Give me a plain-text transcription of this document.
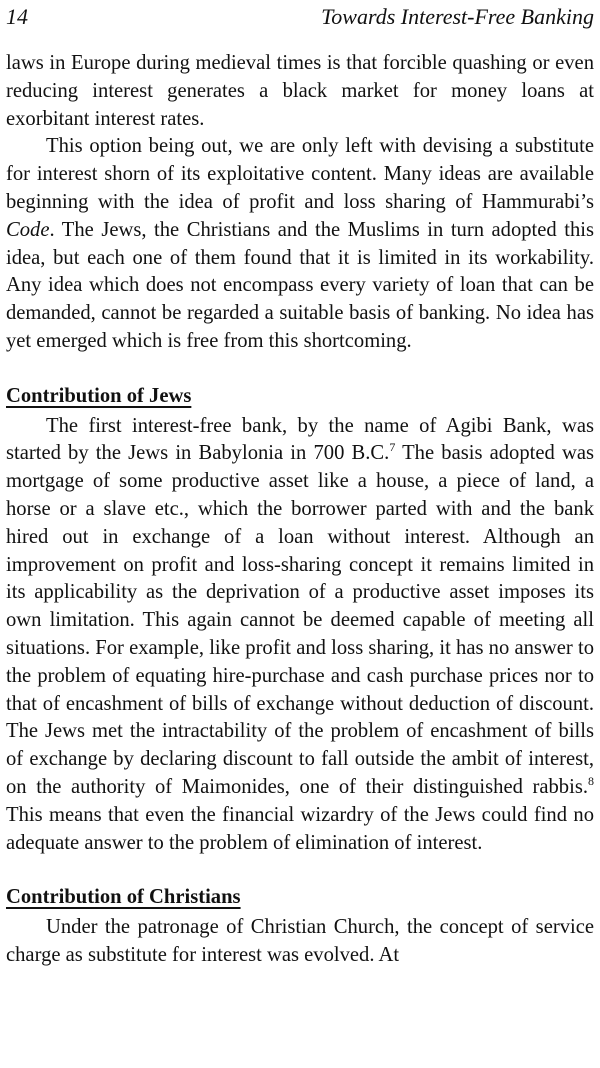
14	Towards Interest-Free Banking

laws in Europe during medieval times is that forcible quashing or even reducing interest generates a black market for money loans at exorbitant interest rates.

This option being out, we are only left with devising a substitute for interest shorn of its exploitative content. Many ideas are available beginning with the idea of profit and loss sharing of Hammurabi’s Code. The Jews, the Christians and the Muslims in turn adopted this idea, but each one of them found that it is limited in its workability. Any idea which does not encompass every variety of loan that can be demanded, cannot be regarded a suitable basis of banking. No idea has yet emerged which is free from this shortcoming.

Contribution of Jews

The first interest-free bank, by the name of Agibi Bank, was started by the Jews in Babylonia in 700 B.C.$^7$ The basis adopted was mortgage of some productive asset like a house, a piece of land, a horse or a slave etc., which the borrower parted with and the bank hired out in exchange of a loan without interest. Although an improvement on profit and loss-sharing concept it remains limited in its applicability as the deprivation of a productive asset imposes its own limitation. This again cannot be deemed capable of meeting all situations. For example, like profit and loss sharing, it has no answer to the problem of equating hire-purchase and cash purchase prices nor to that of encashment of bills of exchange without deduction of discount. The Jews met the intractability of the problem of encashment of bills of exchange by declaring discount to fall outside the ambit of interest, on the authority of Maimonides, one of their distinguished rabbis.$^8$ This means that even the financial wizardry of the Jews could find no adequate answer to the problem of elimination of interest.

Contribution of Christians

Under the patronage of Christian Church, the concept of service charge as substitute for interest was evolved. At
